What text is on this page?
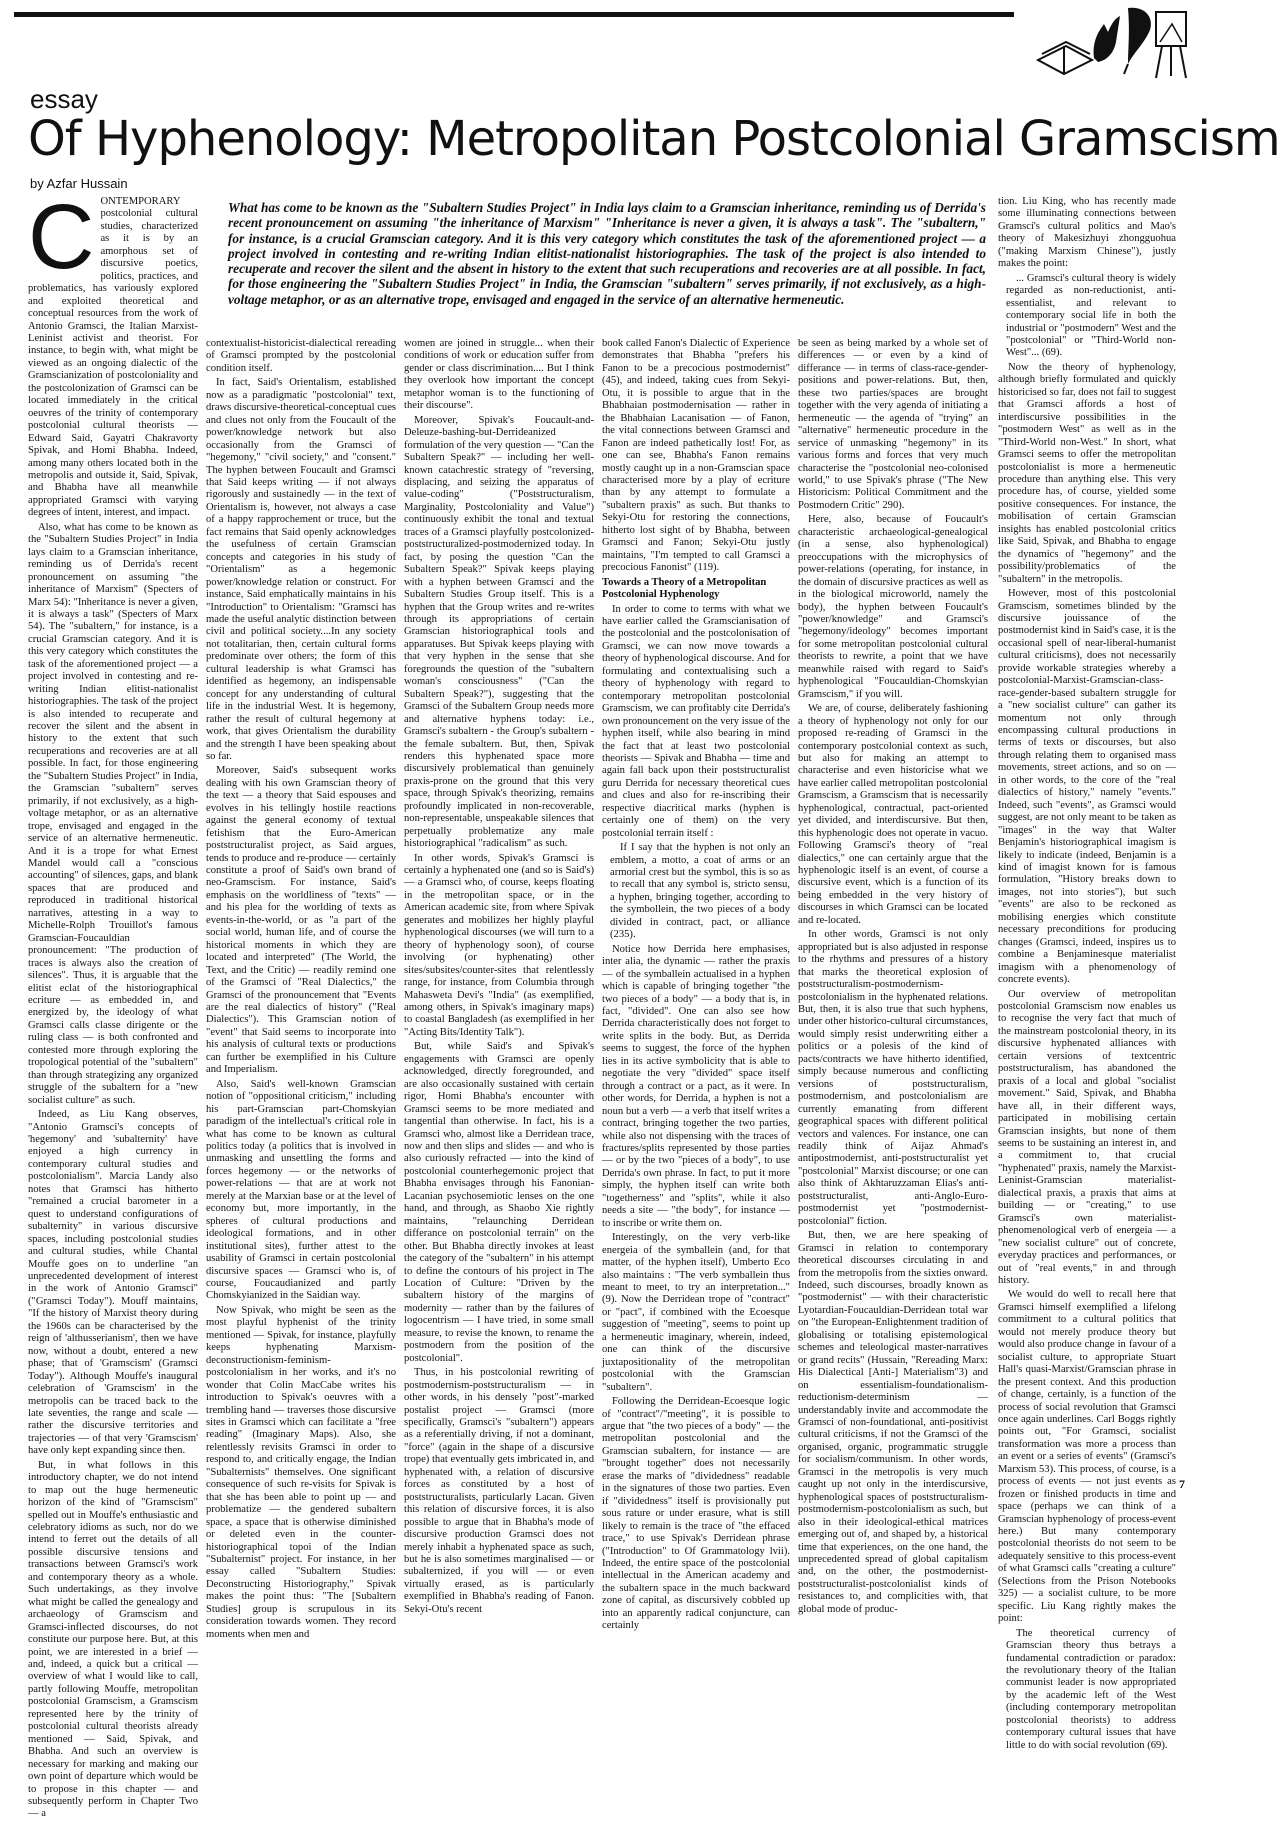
essay
Of Hyphenology: Metropolitan Postcolonial Gramscism
by Azfar Hussain

What has come to be known as the "Subaltern Studies Project" in India lays claim to a Gramscian inheritance, reminding us of Derrida's recent pronouncement on assuming "the inheritance of Marxism" "Inheritance is never a given, it is always a task". The "subaltern," for instance, is a crucial Gramscian category. And it is this very category which constitutes the task of the aforementioned project — a project involved in contesting and re-writing Indian elitist-nationalist historiographies. The task of the project is also intended to recuperate and recover the silent and the absent in history to the extent that such recuperations and recoveries are at all possible. In fact, for those engineering the "Subaltern Studies Project" in India, the Gramscian "subaltern" serves primarily, if not exclusively, as a high-voltage metaphor, or as an alternative trope, envisaged and engaged in the service of an alternative hermeneutic.

C ONTEMPORARY postcolonial cultural studies, characterized as it is by an amorphous set of discursive poetics, politics, practices, and problematics, has variously explored and exploited theoretical and conceptual resources from the work of Antonio Gramsci, the Italian Marxist-Leninist activist and theorist. For instance, to begin with, what might be viewed as an ongoing dialectic of the Gramscianization of postcoloniality and the postcolonization of Gramsci can be located immediately in the critical oeuvres of the trinity of contemporary postcolonial cultural theorists — Edward Said, Gayatri Chakravorty Spivak, and Homi Bhabha. Indeed, among many others located both in the metropolis and outside it, Said, Spivak, and Bhabha have all meanwhile appropriated Gramsci with varying degrees of intent, interest, and impact.

Also, what has come to be known as the "Subaltern Studies Project" in India lays claim to a Gramscian inheritance, reminding us of Derrida's recent pronouncement on assuming "the inheritance of Marxism" (Specters of Marx 54): "Inheritance is never a given, it is always a task" (Specters of Marx 54). The "subaltern," for instance, is a crucial Gramscian category. And it is this very category which constitutes the task of the aforementioned project — a project involved in contesting and re-writing Indian elitist-nationalist historiographies. The task of the project is also intended to recuperate and recover the silent and the absent in history to the extent that such recuperations and recoveries are at all possible. In fact, for those engineering the "Subaltern Studies Project" in India, the Gramscian "subaltern" serves primarily, if not exclusively, as a high-voltage metaphor, or as an alternative trope, envisaged and engaged in the service of an alternative hermeneutic. And it is a trope for what Ernest Mandel would call a "conscious accounting" of silences, gaps, and blank spaces that are produced and reproduced in traditional historical narratives, attesting in a way to Michelle-Rolph Trouillot's famous Gramscian-Foucauldian pronouncement: "The production of traces is always also the creation of silences". Thus, it is arguable that the elitist eclat of the historiographical ecriture — as embedded in, and energized by, the ideology of what Gramsci calls classe dirigente or the ruling class — is both confronted and contested more through exploring the tropological potential of the "subaltern" than through strategizing any organized struggle of the subaltern for a "new socialist culture" as such.

Indeed, as Liu Kang observes, "Antonio Gramsci's concepts of 'hegemony' and 'subalternity' have enjoyed a high currency in contemporary cultural studies and postcolonialism". Marcia Landy also notes that Gramsci has hitherto "remained a crucial barometer in a quest to understand configurations of subalternity" in various discursive spaces, including postcolonial studies and cultural studies, while Chantal Mouffe goes on to underline "an unprecedented development of interest in the work of Antonio Gramsci" ("Gramsci Today"). Mouff maintains, "If the history of Marxist theory during the 1960s can be characterised by the reign of 'althusserianism', then we have now, without a doubt, entered a new phase; that of 'Gramscism' (Gramsci Today"). Although Mouffe's inaugural celebration of 'Gramscism' in the metropolis can be traced back to the late seventies, the range and scale — rather the discursive territories and trajectories — of that very 'Gramscism' have only kept expanding since then.

But, in what follows in this introductory chapter, we do not intend to map out the huge hermeneutic horizon of the kind of "Gramscism" spelled out in Mouffe's enthusiastic and celebratory idioms as such, nor do we intend to ferret out the details of all possible discursive tensions and transactions between Gramsci's work and contemporary theory as a whole. Such undertakings, as they involve what might be called the genealogy and archaeology of Gramscism and Gramsci-inflected discourses, do not constitute our purpose here. But, at this point, we are interested in a brief — and, indeed, a quick but a critical — overview of what I would like to call, partly following Mouffe, metropolitan postcolonial Gramscism, a Gramscism represented here by the trinity of postcolonial cultural theorists already mentioned — Said, Spivak, and Bhabha. And such an overview is necessary for marking and making our own point of departure which would be to propose in this chapter — and subsequently perform in Chapter Two — a

contextualist-historicist-dialectical rereading of Gramsci prompted by the postcolonial condition itself.

In fact, Said's Orientalism, established now as a paradigmatic "postcolonial" text, draws discursive-theoretical-conceptual cues and clues not only from the Foucault of the power/knowledge network but also occasionally from the Gramsci of "hegemony," "civil society," and "consent." The hyphen between Foucault and Gramsci that Said keeps writing — if not always rigorously and sustainedly — in the text of Orientalism is, however, not always a case of a happy rapprochement or truce, but the fact remains that Said openly acknowledges the usefulness of certain Gramscian concepts and categories in his study of "Orientalism" as a hegemonic power/knowledge relation or construct. For instance, Said emphatically maintains in his "Introduction" to Orientalism: "Gramsci has made the useful analytic distinction between civil and political society....In any society not totalitarian, then, certain cultural forms predominate over others; the form of this cultural leadership is what Gramsci has identified as hegemony, an indispensable concept for any understanding of cultural life in the industrial West. It is hegemony, rather the result of cultural hegemony at work, that gives Orientalism the durability and the strength I have been speaking about so far.

Moreover, Said's subsequent works dealing with his own Gramscian theory of the text — a theory that Said espouses and evolves in his tellingly hostile reactions against the general economy of textual fetishism that the Euro-American poststructuralist project, as Said argues, tends to produce and re-produce — certainly constitute a proof of Said's own brand of neo-Gramscism. For instance, Said's emphasis on the worldliness of "texts" — and his plea for the worlding of texts as events-in-the-world, or as "a part of the social world, human life, and of course the historical moments in which they are located and interpreted" (The World, the Text, and the Critic) — readily remind one of the Gramsci of "Real Dialectics," the Gramsci of the pronouncement that "Events are the real dialectics of history" ("Real Dialectics"). This Gramscian notion of "event" that Said seems to incorporate into his analysis of cultural texts or productions can further be exemplified in his Culture and Imperialism.

Also, Said's well-known Gramscian notion of "oppositional criticism," including his part-Gramscian part-Chomskyian paradigm of the intellectual's critical role in what has come to be known as cultural politics today (a politics that is involved in unmasking and unsettling the forms and forces hegemony — or the networks of power-relations — that are at work not merely at the Marxian base or at the level of economy but, more importantly, in the spheres of cultural productions and ideological formations, and in other institutional sites), further attest to the usability of Gramsci in certain postcolonial discursive spaces — Gramsci who is, of course, Foucaudianized and partly Chomskyianized in the Saidian way.

Now Spivak, who might be seen as the most playful hyphenist of the trinity mentioned — Spivak, for instance, playfully keeps hyphenating Marxism-deconstructionism-feminism-postcolonialism in her works, and it's no wonder that Colin MacCabe writes his introduction to Spivak's oeuvres with a trembling hand — traverses those discursive sites in Gramsci which can facilitate a "free reading" (Imaginary Maps). Also, she relentlessly revisits Gramsci in order to respond to, and critically engage, the Indian "Subalternists" themselves. One significant consequence of such re-visits for Spivak is that she has been able to point up — and problematize — the gendered subaltern space, a space that is otherwise diminished or deleted even in the counter-historiographical topoi of the Indian "Subalternist" project. For instance, in her essay called "Subaltern Studies: Deconstructing Historiography," Spivak makes the point thus: "The [Subaltern Studies] group is scrupulous in its consideration towards women. They record moments when men and

women are joined in struggle... when their conditions of work or education suffer from gender or class discrimination.... But I think they overlook how important the concept metaphor woman is to the functioning of their discourse".

Moreover, Spivak's Foucault-and-Deleuze-bashing-but-Derrideanized formulation of the very question — "Can the Subaltern Speak?" — including her well-known catachrestic strategy of "reversing, displacing, and seizing the apparatus of value-coding" ("Poststructuralism, Marginality, Postcoloniality and Value") continuously exhibit the tonal and textual traces of a Gramsci playfully postcolonized-poststructuralized-postmodernized today. In fact, by posing the question "Can the Subaltern Speak?" Spivak keeps playing with a hyphen between Gramsci and the Subaltern Studies Group itself. This is a hyphen that the Group writes and re-writes through its appropriations of certain Gramscian historiographical tools and apparatuses. But Spivak keeps playing with that very hyphen in the sense that she foregrounds the question of the "subaltern woman's consciousness" ("Can the Subaltern Speak?"), suggesting that the Gramsci of the Subaltern Group needs more and alternative hyphens today: i.e., Gramsci's subaltern - the Group's subaltern - the female subaltern. But, then, Spivak renders this hyphenated space more discursively problematical than genuinely praxis-prone on the ground that this very space, through Spivak's theorizing, remains profoundly implicated in non-recoverable, non-representable, unspeakable silences that perpetually problematize any male historiographical "radicalism" as such.

In other words, Spivak's Gramsci is certainly a hyphenated one (and so is Said's) — a Gramsci who, of course, keeps floating in the metropolitan space, or in the American academic site, from where Spivak generates and mobilizes her highly playful hyphenological discourses (we will turn to a theory of hyphenology soon), of course involving (or hyphenating) other sites/subsites/counter-sites that relentlessly range, for instance, from Columbia through Mahasweta Devi's "India" (as exemplified, among others, in Spivak's imaginary maps) to coastal Bangladesh (as exemplified in her "Acting Bits/Identity Talk").

But, while Said's and Spivak's engagements with Gramsci are openly acknowledged, directly foregrounded, and are also occasionally sustained with certain rigor, Homi Bhabha's encounter with Gramsci seems to be more mediated and tangential than otherwise. In fact, his is a Gramsci who, almost like a Derridean trace, now and then slips and slides — and who is also curiously refracted — into the kind of postcolonial counterhegemonic project that Bhabha envisages through his Fanonian-Lacanian psychosemiotic lenses on the one hand, and through, as Shaobo Xie rightly maintains, "relaunching Derridean differance on postcolonial terrain" on the other. But Bhabha directly invokes at least the category of the "subaltern" in his attempt to define the contours of his project in The Location of Culture: "Driven by the subaltern history of the margins of modernity — rather than by the failures of logocentrism — I have tried, in some small measure, to revise the known, to rename the postmodern from the position of the postcolonial".

Thus, in his postcolonial rewriting of postmodernism-poststructuralism — in other words, in his densely "post"-marked postalist project — Gramsci (more specifically, Gramsci's "subaltern") appears as a referentially driving, if not a dominant, "force" (again in the shape of a discursive trope) that eventually gets imbricated in, and hyphenated with, a relation of discursive forces as constituted by a host of poststructuralists, particularly Lacan. Given this relation of discursive forces, it is also possible to argue that in Bhabha's mode of discursive production Gramsci does not merely inhabit a hyphenated space as such, but he is also sometimes marginalised — or subalternized, if you will — or even virtually erased, as is particularly exemplified in Bhabha's reading of Fanon. Sekyi-Otu's recent

book called Fanon's Dialectic of Experience demonstrates that Bhabha "prefers his Fanon to be a precocious postmodernist" (45), and indeed, taking cues from Sekyi-Otu, it is possible to argue that in the Bhabhaian postmodernisation — rather in the Bhabhaian Lacanisation — of Fanon, the vital connections between Gramsci and Fanon are indeed pathetically lost! For, as one can see, Bhabha's Fanon remains mostly caught up in a non-Gramscian space characterised more by a play of ecriture than by any attempt to formulate a "subaltern praxis" as such. But thanks to Sekyi-Otu for restoring the connections, hitherto lost sight of by Bhabha, between Gramsci and Fanon; Sekyi-Otu justly maintains, "I'm tempted to call Gramsci a precocious Fanonist" (119).

Towards a Theory of a Metropolitan Postcolonial Hyphenology

In order to come to terms with what we have earlier called the Gramscianisation of the postcolonial and the postcolonisation of Gramsci, we can now move towards a theory of hyphenological discourse. And for formulating and contextualising such a theory of hyphenology with regard to contemporary metropolitan postcolonial Gramscism, we can profitably cite Derrida's own pronouncement on the very issue of the hyphen itself, while also bearing in mind the fact that at least two postcolonial theorists — Spivak and Bhabha — time and again fall back upon their poststructuralist guru Derrida for necessary theoretical cues and clues and also for re-inscribing their respective diacritical marks (hyphen is certainly one of them) on the very postcolonial terrain itself :

If I say that the hyphen is not only an emblem, a motto, a coat of arms or an armorial crest but the symbol, this is so as to recall that any symbol is, stricto sensu, a hyphen, bringing together, according to the symbollein, the two pieces of a body divided in contract, pact, or alliance (235).

Notice how Derrida here emphasises, inter alia, the dynamic — rather the praxis — of the symballein actualised in a hyphen which is capable of bringing together "the two pieces of a body" — a body that is, in fact, "divided". One can also see how Derrida characteristically does not forget to write splits in the body. But, as Derrida seems to suggest, the force of the hyphen lies in its active symbolicity that is able to negotiate the very "divided" space itself through a contract or a pact, as it were. In other words, for Derrida, a hyphen is not a noun but a verb — a verb that itself writes a contract, bringing together the two parties, while also not dispensing with the traces of fractures/splits represented by those parties — or by the two "pieces of a body", to use Derrida's own phrase. In fact, to put it more simply, the hyphen itself can write both "togetherness" and "splits", while it also needs a site — "the body", for instance — to inscribe or write them on.

Interestingly, on the very verb-like energeia of the symballein (and, for that matter, of the hyphen itself), Umberto Eco also maintains : "The verb symballein thus meant to meet, to try an interpretation..." (9). Now the Derridean trope of "contract" or "pact", if combined with the Ecoesque suggestion of "meeting", seems to point up a hermeneutic imaginary, wherein, indeed, one can think of the discursive juxtapositionality of the metropolitan postcolonial with the Gramscian "subaltern".

Following the Derridean-Ecoesque logic of "contract"/"meeting", it is possible to argue that "the two pieces of a body" — the metropolitan postcolonial and the Gramscian subaltern, for instance — are "brought together" does not necessarily erase the marks of "dividedness" readable in the signatures of those two parties. Even if "dividedness" itself is provisionally put sous rature or under erasure, what is still likely to remain is the trace of "the effaced trace," to use Spivak's Derridean phrase ("Introduction" to Of Grammatology lvii). Indeed, the entire space of the postcolonial intellectual in the American academy and the subaltern space in the much backward zone of capital, as discursively cobbled up into an apparently radical conjuncture, can certainly

be seen as being marked by a whole set of differences — or even by a kind of differance — in terms of class-race-gender-positions and power-relations. But, then, these two parties/spaces are brought together with the very agenda of initiating a hermeneutic — the agenda of "trying" an "alternative" hermeneutic procedure in the service of unmasking "hegemony" in its various forms and forces that very much characterise the "postcolonial neo-colonised world," to use Spivak's phrase ("The New Historicism: Political Commitment and the Postmodern Critic" 290).

Here, also, because of Foucault's characteristic archaeological-genealogical (in a sense, also hyphenological) preoccupations with the microphysics of power-relations (operating, for instance, in the domain of discursive practices as well as in the biological microworld, namely the body), the hyphen between Foucault's "power/knowledge" and Gramsci's "hegemony/ideology" becomes important for some metropolitan postcolonial cultural theorists to rewrite, a point that we have meanwhile raised with regard to Said's hyphenological "Foucauldian-Chomskyian Gramscism," if you will.

We are, of course, deliberately fashioning a theory of hyphenology not only for our proposed re-reading of Gramsci in the contemporary postcolonial context as such, but also for making an attempt to characterise and even historicise what we have earlier called metropolitan postcolonial Gramscism, a Gramscism that is necessarily hyphenological, contractual, pact-oriented yet divided, and interdiscursive. But then, this hyphenologic does not operate in vacuo. Following Gramsci's theory of "real dialectics," one can certainly argue that the hyphenologic itself is an event, of course a discursive event, which is a function of its being embedded in the very history of discourses in which Gramsci can be located and re-located.

In other words, Gramsci is not only appropriated but is also adjusted in response to the rhythms and pressures of a history that marks the theoretical explosion of poststructuralism-postmodernism-postcolonialism in the hyphenated relations. But, then, it is also true that such hyphens, under other historico-cultural circumstances, would simply resist underwriting either a politics or a polesis of the kind of pacts/contracts we have hitherto identified, simply because numerous and conflicting versions of poststructuralism, postmodernism, and postcolonialism are currently emanating from different geographical spaces with different political vectors and valences. For instance, one can readily think of Aijaz Ahmad's antipostmodernist, anti-poststructuralist yet "postcolonial" Marxist discourse; or one can also think of Akhtaruzzaman Elias's anti-poststructuralist, anti-Anglo-Euro-postmodernist yet "postmodernist-postcolonial" fiction.

But, then, we are here speaking of Gramsci in relation to contemporary theoretical discourses circulating in and from the metropolis from the sixties onward. Indeed, such discourses, broadly known as "postmodernist" — with their characteristic Lyotardian-Foucauldian-Derridean total war on "the European-Enlightenment tradition of globalising or totalising epistemological schemes and teleological master-narratives or grand recits" (Hussain, "Rereading Marx: His Dialectical [Anti-] Materialism"3) and on essentialism-foundationalism-reductionism-determinism — understandably invite and accommodate the Gramsci of non-foundational, anti-positivist cultural criticisms, if not the Gramsci of the organised, organic, programmatic struggle for socialism/communism. In other words, Gramsci in the metropolis is very much caught up not only in the interdiscursive, hyphenological spaces of poststructuralism-postmodernism-postcolonialism as such, but also in their ideological-ethical matrices emerging out of, and shaped by, a historical time that experiences, on the one hand, the unprecedented spread of global capitalism and, on the other, the postmodernist-poststructuralist-postcolonialist kinds of resistances to, and complicities with, that global mode of produc-

tion. Liu King, who has recently made some illuminating connections between Gramsci's cultural politics and Mao's theory of Makesizhuyi zhongguohua ("making Marxism Chinese"), justly makes the point:

... Gramsci's cultural theory is widely regarded as non-reductionist, anti-essentialist, and relevant to contemporary social life in both the industrial or "postmodern" West and the "postcolonial" or "Third-World non-West"... (69).

Now the theory of hyphenology, although briefly formulated and quickly historicised so far, does not fail to suggest that Gramsci affords a host of interdiscursive possibilities in the "postmodern West" as well as in the "Third-World non-West." In short, what Gramsci seems to offer the metropolitan postcolonialist is more a hermeneutic procedure than anything else. This very procedure has, of course, yielded some positive consequences. For instance, the mobilisation of certain Gramscian insights has enabled postcolonial critics like Said, Spivak, and Bhabha to engage the dynamics of "hegemony" and the possibility/problematics of the "subaltern" in the metropolis.

However, most of this postcolonial Gramscism, sometimes blinded by the discursive jouissance of the postmodernist kind in Said's case, it is the occasional spell of near-liberal-humanist cultural criticisms), does not necessarily provide workable strategies whereby a postcolonial-Marxist-Gramscian-class-race-gender-based subaltern struggle for a "new socialist culture" can gather its momentum not only through encompassing cultural productions in terms of texts or discourses, but also through relating them to organised mass movements, street actions, and so on — in other words, to the core of the "real dialectics of history," namely "events." Indeed, such "events", as Gramsci would suggest, are not only meant to be taken as "images" in the way that Walter Benjamin's historiographical imagism is likely to indicate (indeed, Benjamin is a kind of imagist known for is famous formulation, "History breaks down to images, not into stories"), but such "events" are also to be reckoned as mobilising energies which constitute necessary preconditions for producing changes (Gramsci, indeed, inspires us to combine a Benjaminesque materialist imagism with a phenomenology of concrete events).

Our overview of metropolitan postcolonial Gramscism now enables us to recognise the very fact that much of the mainstream postcolonial theory, in its discursive hyphenated alliances with certain versions of textcentric poststructuralism, has abandoned the praxis of a local and global "socialist movement." Said, Spivak, and Bhabha have all, in their different ways, participated in mobilising certain Gramscian insights, but none of them seems to be sustaining an interest in, and a commitment to, that crucial "hyphenated" praxis, namely the Marxist-Leninist-Gramscian materialist-dialectical praxis, a praxis that aims at building — or "creating," to use Gramsci's own materialist-phenomenological verb of energeia — a "new socialist culture" out of concrete, everyday practices and performances, or out of "real events," in and through history.

We would do well to recall here that Gramsci himself exemplified a lifelong commitment to a cultural politics that would not merely produce theory but would also produce change in favour of a socialist culture, to appropriate Stuart Hall's quasi-Marxist/Gramscian phrase in the present context. And this production of change, certainly, is a function of the process of social revolution that Gramsci once again underlines. Carl Boggs rightly points out, "For Gramsci, socialist transformation was more a process than an event or a series of events" (Gramsci's Marxism 53). This process, of course, is a process of events — not just events as frozen or finished products in time and space (perhaps we can think of a Gramscian hyphenology of process-event here.) But many contemporary postcolonial theorists do not seem to be adequately sensitive to this process-event of what Gramsci calls "creating a culture" (Selections from the Prison Notebooks 325) — a socialist culture, to be more specific. Liu Kang rightly makes the point:

The theoretical currency of Gramscian theory thus betrays a fundamental contradiction or paradox: the revolutionary theory of the Italian communist leader is now appropriated by the academic left of the West (including contemporary metropolitan postcolonial theorists) to address contemporary cultural issues that have little to do with social revolution (69).

7
